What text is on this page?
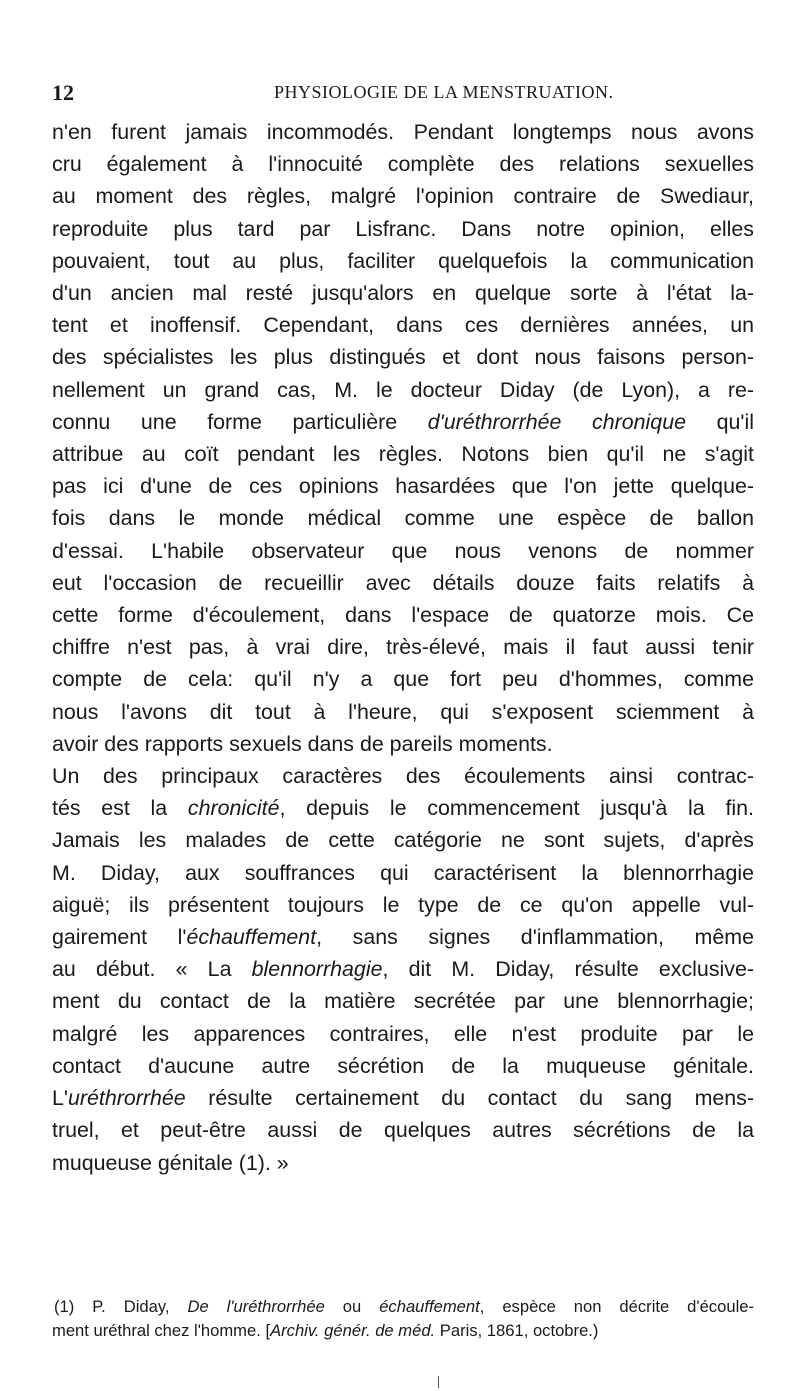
12	PHYSIOLOGIE DE LA MENSTRUATION.
n'en furent jamais incommodés. Pendant longtemps nous avons
cru également à l'innocuité complète des relations sexuelles
au moment des règles, malgré l'opinion contraire de Swediaur,
reproduite plus tard par Lisfranc. Dans notre opinion, elles
pouvaient, tout au plus, faciliter quelquefois la communication
d'un ancien mal resté jusqu'alors en quelque sorte à l'état la-
tent et inoffensif. Cependant, dans ces dernières années, un
des spécialistes les plus distingués et dont nous faisons person-
nellement un grand cas, M. le docteur Diday (de Lyon), a re-
connu une forme particulière d'uréthrorrhée chronique qu'il
attribue au coït pendant les règles. Notons bien qu'il ne s'agit
pas ici d'une de ces opinions hasardées que l'on jette quelque-
fois dans le monde médical comme une espèce de ballon
d'essai. L'habile observateur que nous venons de nommer
eut l'occasion de recueillir avec détails douze faits relatifs à
cette forme d'écoulement, dans l'espace de quatorze mois. Ce
chiffre n'est pas, à vrai dire, très-élevé, mais il faut aussi tenir
compte de cela: qu'il n'y a que fort peu d'hommes, comme
nous l'avons dit tout à l'heure, qui s'exposent sciemment à
avoir des rapports sexuels dans de pareils moments.
Un des principaux caractères des écoulements ainsi contrac-
tés est la chronicité, depuis le commencement jusqu'à la fin.
Jamais les malades de cette catégorie ne sont sujets, d'après
M. Diday, aux souffrances qui caractérisent la blennorrhagie
aiguë; ils présentent toujours le type de ce qu'on appelle vul-
gairement l'échauffement, sans signes d'inflammation, même
au début. « La blennorrhagie, dit M. Diday, résulte exclusive-
ment du contact de la matière secrétée par une blennorrhagie;
malgré les apparences contraires, elle n'est produite par le
contact d'aucune autre sécrétion de la muqueuse génitale.
L'uréthrorrhée résulte certainement du contact du sang mens-
truel, et peut-être aussi de quelques autres sécrétions de la
muqueuse génitale (1). »
(1) P. Diday, De l'uréthrorrhée ou échauffement, espèce non décrite d'écoule-
ment uréthral chez l'homme. [Archiv. génér. de méd. Paris, 1861, octobre.)
